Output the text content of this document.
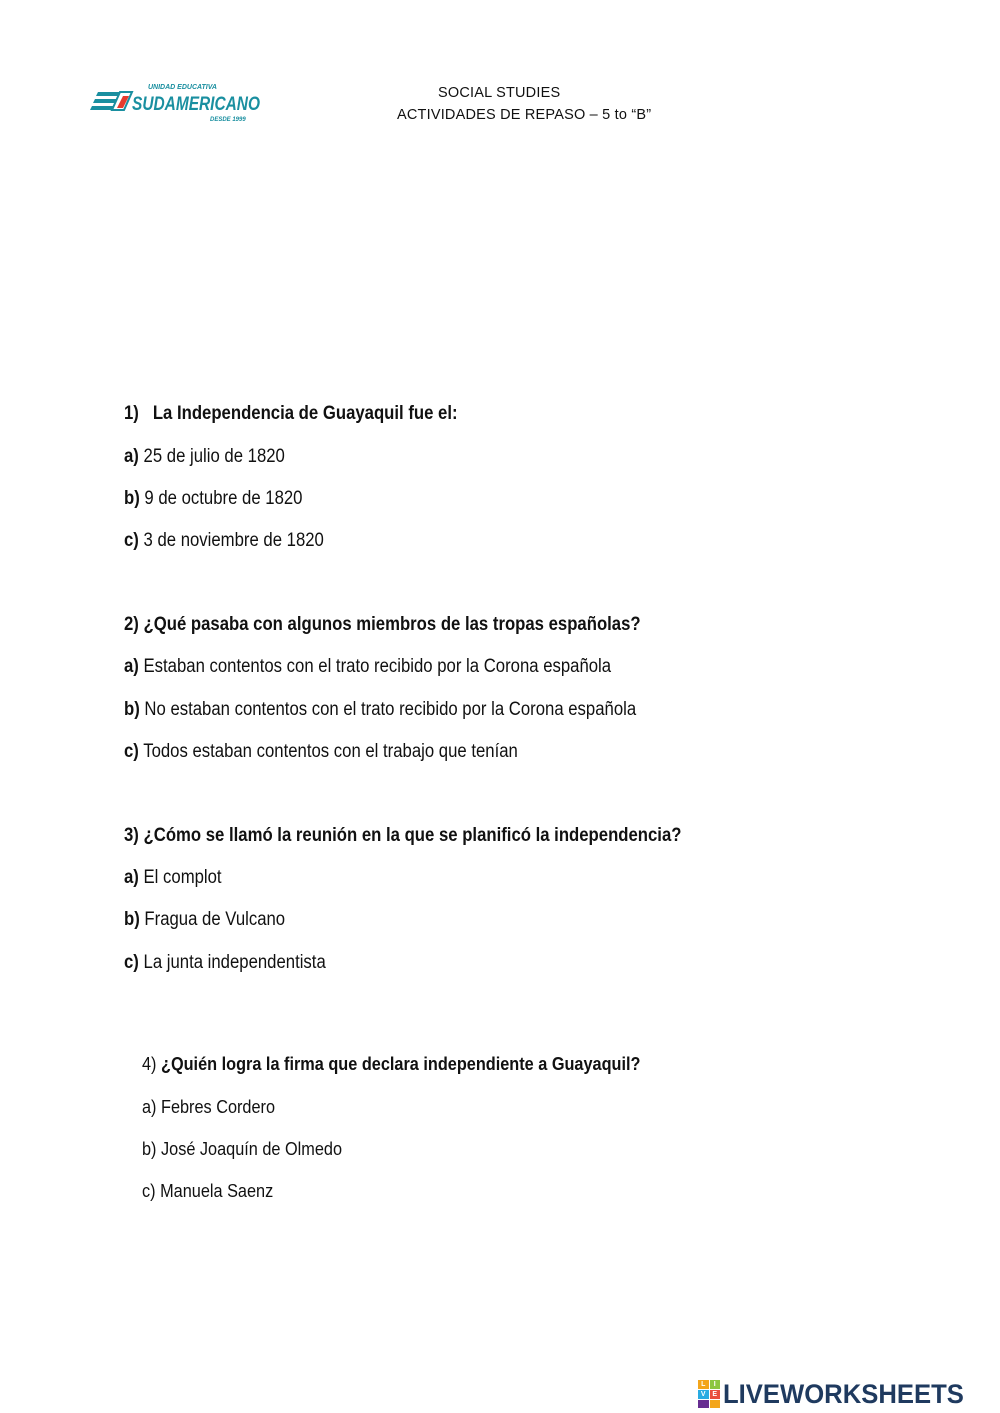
UNIDAD EDUCATIVA
SUDAMERICANO
DESDE 1999
SOCIAL STUDIES
ACTIVIDADES DE REPASO – 5 to “B”
1) La Independencia de Guayaquil fue el:
a) 25 de julio de 1820
b) 9 de octubre de 1820
c) 3 de noviembre de 1820
2) ¿Qué pasaba con algunos miembros de las tropas españolas?
a) Estaban contentos con el trato recibido por la Corona española
b) No estaban contentos con el trato recibido por la Corona española
c) Todos estaban contentos con el trabajo que tenían
3) ¿Cómo se llamó la reunión en la que se planificó la independencia?
a) El complot
b) Fragua de Vulcano
c) La junta independentista
4) ¿Quién logra la firma que declara independiente a Guayaquil?
a) Febres Cordero
b) José Joaquín de Olmedo
c) Manuela Saenz
L	I
V E LIVEWORKSHEETS
